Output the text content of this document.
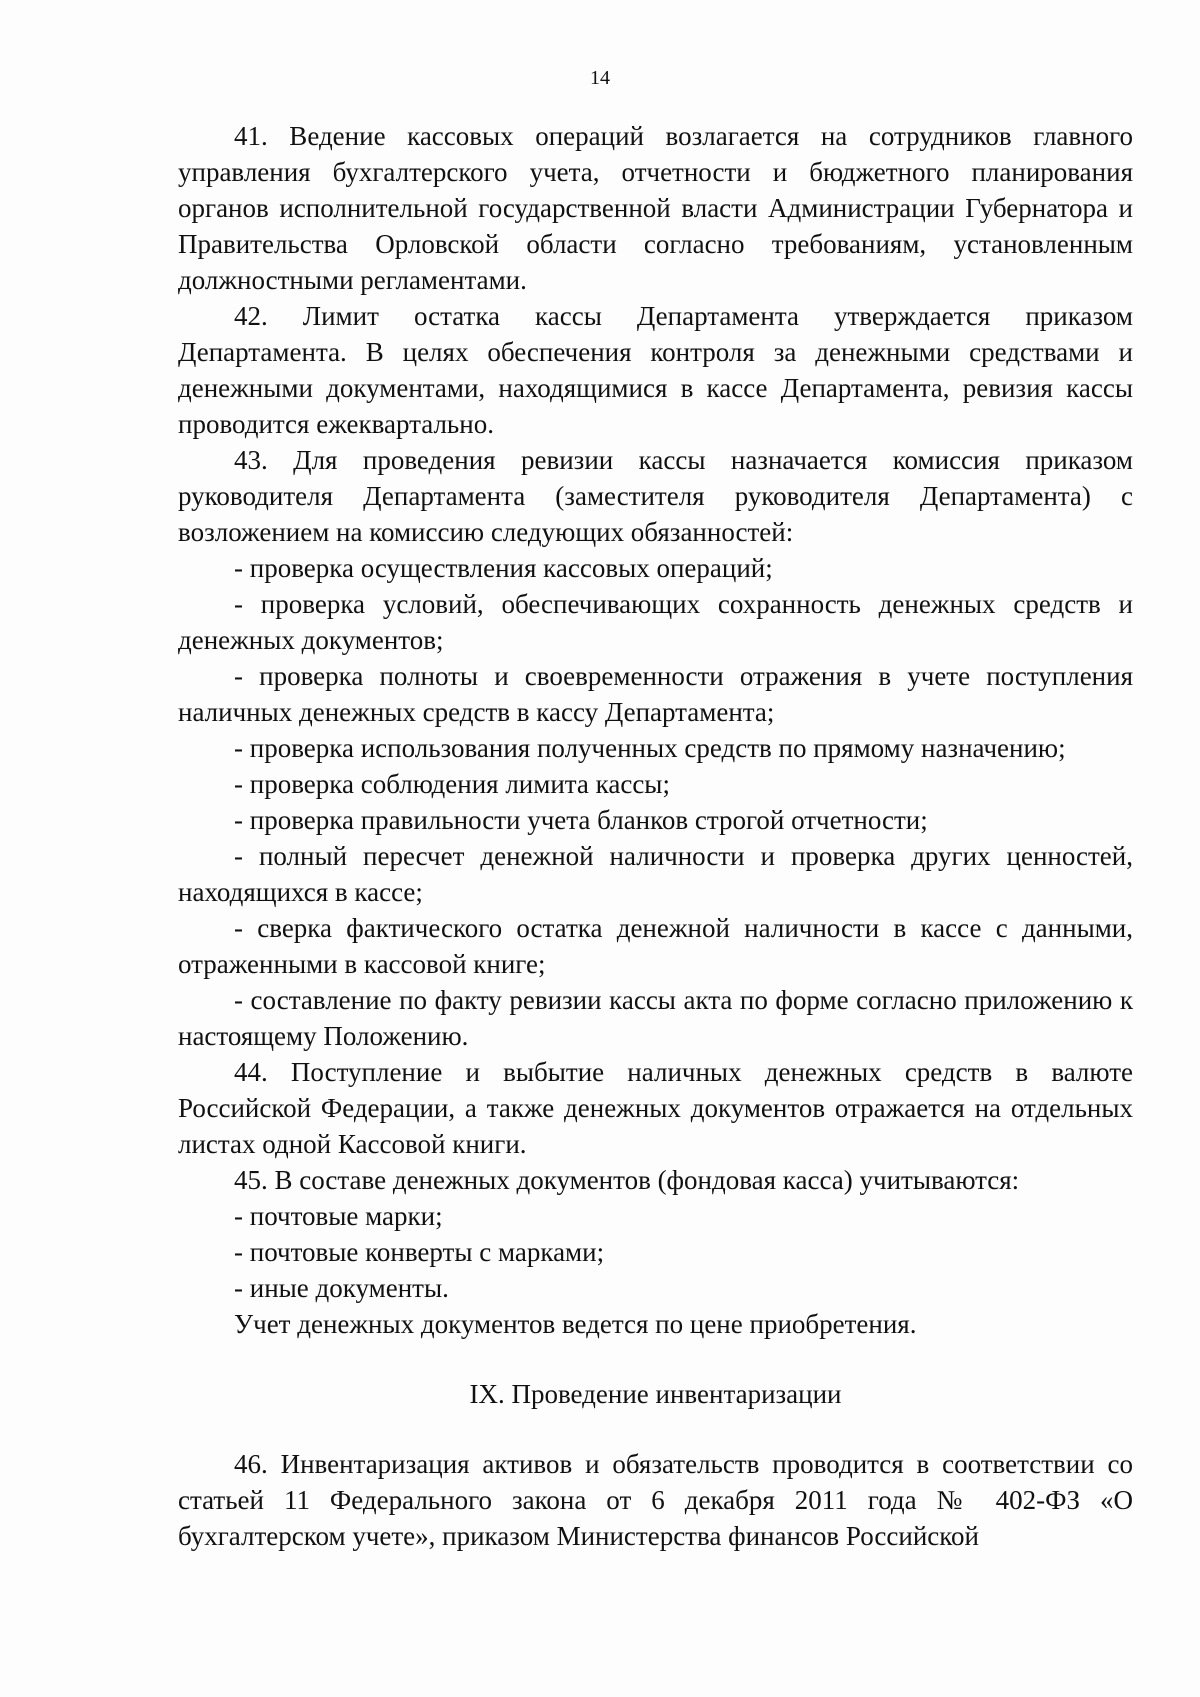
14

41. Ведение кассовых операций возлагается на сотрудников главного управления бухгалтерского учета, отчетности и бюджетного планирования органов исполнительной государственной власти Администрации Губернатора и Правительства Орловской области согласно требованиям, установленным должностными регламентами.

42. Лимит остатка кассы Департамента утверждается приказом Департамента. В целях обеспечения контроля за денежными средствами и денежными документами, находящимися в кассе Департамента, ревизия кассы проводится ежеквартально.

43. Для проведения ревизии кассы назначается комиссия приказом руководителя Департамента (заместителя руководителя Департамента) с возложением на комиссию следующих обязанностей:

- проверка осуществления кассовых операций;

- проверка условий, обеспечивающих сохранность денежных средств и денежных документов;

- проверка полноты и своевременности отражения в учете поступления наличных денежных средств в кассу Департамента;

- проверка использования полученных средств по прямому назначению;

- проверка соблюдения лимита кассы;

- проверка правильности учета бланков строгой отчетности;

- полный пересчет денежной наличности и проверка других ценностей, находящихся в кассе;

- сверка фактического остатка денежной наличности в кассе с данными, отраженными в кассовой книге;

- составление по факту ревизии кассы акта по форме согласно приложению к настоящему Положению.

44. Поступление и выбытие наличных денежных средств в валюте Российской Федерации, а также денежных документов отражается на отдельных листах одной Кассовой книги.

45. В составе денежных документов (фондовая касса) учитываются:

- почтовые марки;

- почтовые конверты с марками;

- иные документы.

Учет денежных документов ведется по цене приобретения.

IX. Проведение инвентаризации

46. Инвентаризация активов и обязательств проводится в соответствии со статьей 11 Федерального закона от 6 декабря 2011 года № 402-ФЗ «О бухгалтерском учете», приказом Министерства финансов Российской
